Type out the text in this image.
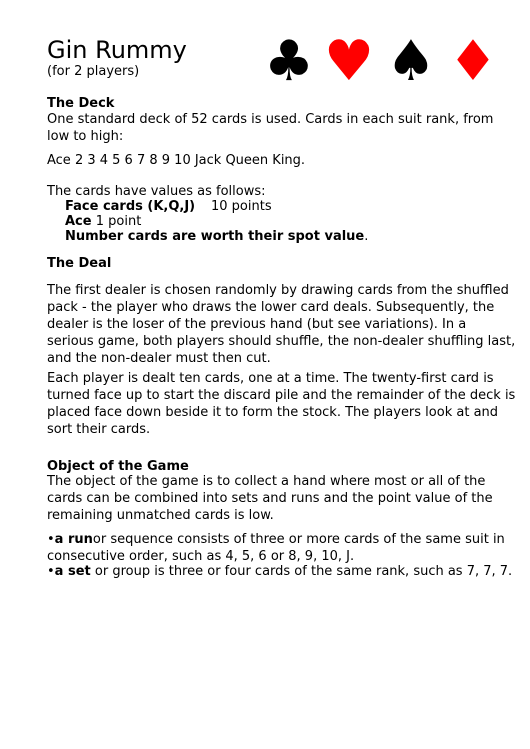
Gin Rummy
(for 2 players) ♣ ♥ ♠ ♦
The Deck
One standard deck of 52 cards is used. Cards in each suit rank, from low to high:
Ace 2 3 4 5 6 7 8 9 10 Jack Queen King.
The cards have values as follows:
Face cards (K,Q,J) 10 points
Ace 1 point
Number cards are worth their spot value.
The Deal
The first dealer is chosen randomly by drawing cards from the shuffled pack - the player who draws the lower card deals. Subsequently, the dealer is the loser of the previous hand (but see variations). In a serious game, both players should shuffle, the non-dealer shuffling last, and the non-dealer must then cut.
Each player is dealt ten cards, one at a time. The twenty-first card is turned face up to start the discard pile and the remainder of the deck is placed face down beside it to form the stock. The players look at and sort their cards.
Object of the Game
The object of the game is to collect a hand where most or all of the cards can be combined into sets and runs and the point value of the remaining unmatched cards is low.
•a runor sequence consists of three or more cards of the same suit in consecutive order, such as 4, 5, 6 or 8, 9, 10, J.
•a set or group is three or four cards of the same rank, such as 7, 7, 7.
